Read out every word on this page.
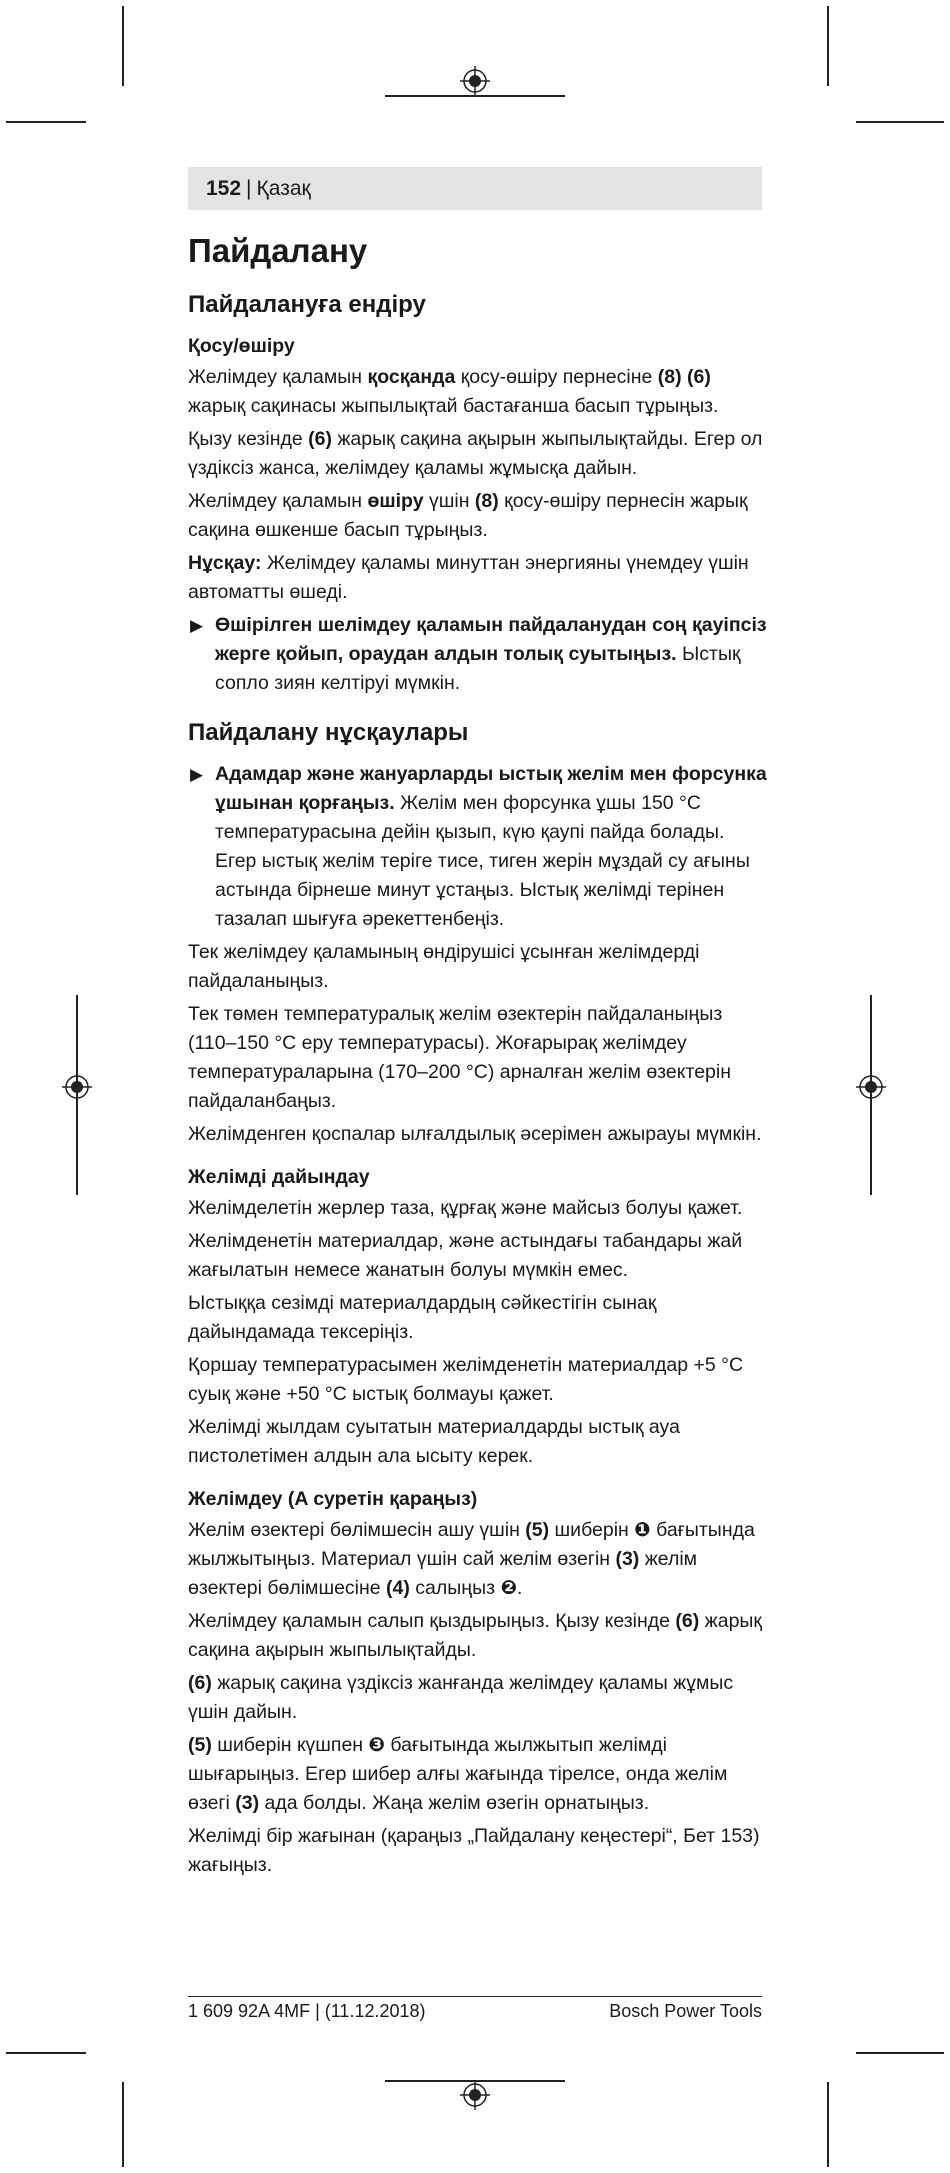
152 | Қазақ
Пайдалану
Пайдалануға ендіру
Қосу/өшіру

Желімдеу қаламын қосқанда қосу-өшіру пернесіне (8) (6) жарық сақинасы жыпылықтай бастағанша басып тұрыңыз.

Қызу кезінде (6) жарық сақина ақырын жыпылықтайды. Егер ол үздіксіз жанса, желімдеу қаламы жұмысқа дайын.

Желімдеу қаламын өшіру үшін (8) қосу-өшіру пернесін жарық сақина өшкенше басып тұрыңыз.

Нұсқау: Желімдеу қаламы минуттан энергияны үнемдеу үшін автоматты өшеді.

▶ Өшірілген шелімдеу қаламын пайдаланудан соң қауіпсіз жерге қойып, ораудан алдын толық суытыңыз. Ыстық сопло зиян келтіруі мүмкін.
Пайдалану нұсқаулары
▶ Адамдар және жануарларды ыстық желім мен форсунка ұшынан қорғаңыз. Желім мен форсунка ұшы 150 °C температурасына дейін қызып, күю қаупі пайда болады. Егер ыстық желім теріге тисе, тиген жерін мұздай су ағыны астында бірнеше минут ұстаңыз. Ыстық желімді терінен тазалап шығуға әрекеттенбеңіз.

Тек желімдеу қаламының өндірушісі ұсынған желімдерді пайдаланыңыз.

Тек төмен температуралық желім өзектерін пайдаланыңыз (110–150 °C еру температурасы). Жоғарырақ желімдеу температураларына (170–200 °C) арналған желім өзектерін пайдаланбаңыз.

Желімденген қоспалар ылғалдылық әсерімен ажырауы мүмкін.

Желімді дайындау

Желімделетін жерлер таза, құрғақ және майсыз болуы қажет.

Желімденетін материалдар, және астындағы табандары жай жағылатын немесе жанатын болуы мүмкін емес.

Ыстыққа сезімді материалдардың сәйкестігін сынақ дайындамада тексеріңіз.

Қоршау температурасымен желімденетін материалдар +5 °C суық және +50 °C ыстық болмауы қажет.

Желімді жылдам суытатын материалдарды ыстық ауа пистолетімен алдын ала ысыту керек.

Желімдеу (A суретін қараңыз)

Желім өзектері бөлімшесін ашу үшін (5) шиберін ❶ бағытында жылжытыңыз. Материал үшін сай желім өзегін (3) желім өзектері бөлімшесіне (4) салыңыз ❷.

Желімдеу қаламын салып қыздырыңыз. Қызу кезінде (6) жарық сақина ақырын жыпылықтайды.

(6) жарық сақина үздіксіз жанғанда желімдеу қаламы жұмыс үшін дайын.

(5) шиберін күшпен ❸ бағытында жылжытып желімді шығарыңыз. Егер шибер алғы жағында тірелсе, онда желім өзегі (3) ада болды. Жаңа желім өзегін орнатыңыз.

Желімді бір жағынан (қараңыз „Пайдалану кеңестері“, Бет 153) жағыңыз.

1 609 92A 4MF | (11.12.2018)	Bosch Power Tools
